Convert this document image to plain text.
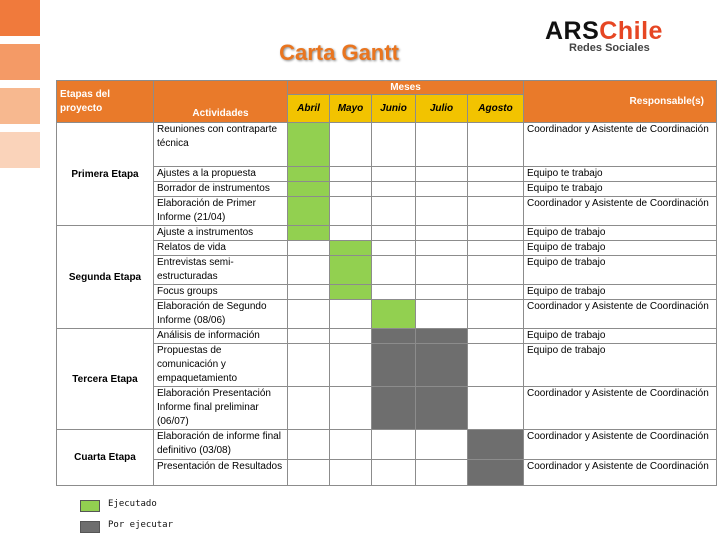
Carta Gantt
ARSChile
Redes Sociales
Etapas del proyecto	Actividades	Meses					Responsable(s)
		Abril	Mayo	Junio	Julio	Agosto	
Primera Etapa	Reuniones con contraparte técnica						Coordinador y Asistente de Coordinación
	Ajustes a la propuesta						Equipo te trabajo
	Borrador de instrumentos						Equipo te trabajo
	Elaboración de Primer Informe (21/04)						Coordinador y Asistente de Coordinación
Segunda Etapa	Ajuste a instrumentos						Equipo de trabajo
	Relatos de vida						Equipo de trabajo
	Entrevistas semi-estructuradas						Equipo de trabajo
	Focus groups						Equipo de trabajo
	Elaboración de Segundo Informe (08/06)						Coordinador y Asistente de Coordinación
Tercera Etapa	Análisis de información						Equipo de trabajo
	Propuestas de comunicación y empaquetamiento						Equipo de trabajo
	Elaboración Presentación Informe final preliminar (06/07)						Coordinador y Asistente de Coordinación
Cuarta Etapa	Elaboración de informe final definitivo (03/08)						Coordinador y Asistente de Coordinación
	Presentación de Resultados						Coordinador y Asistente de Coordinación
Ejecutado
Por ejecutar
